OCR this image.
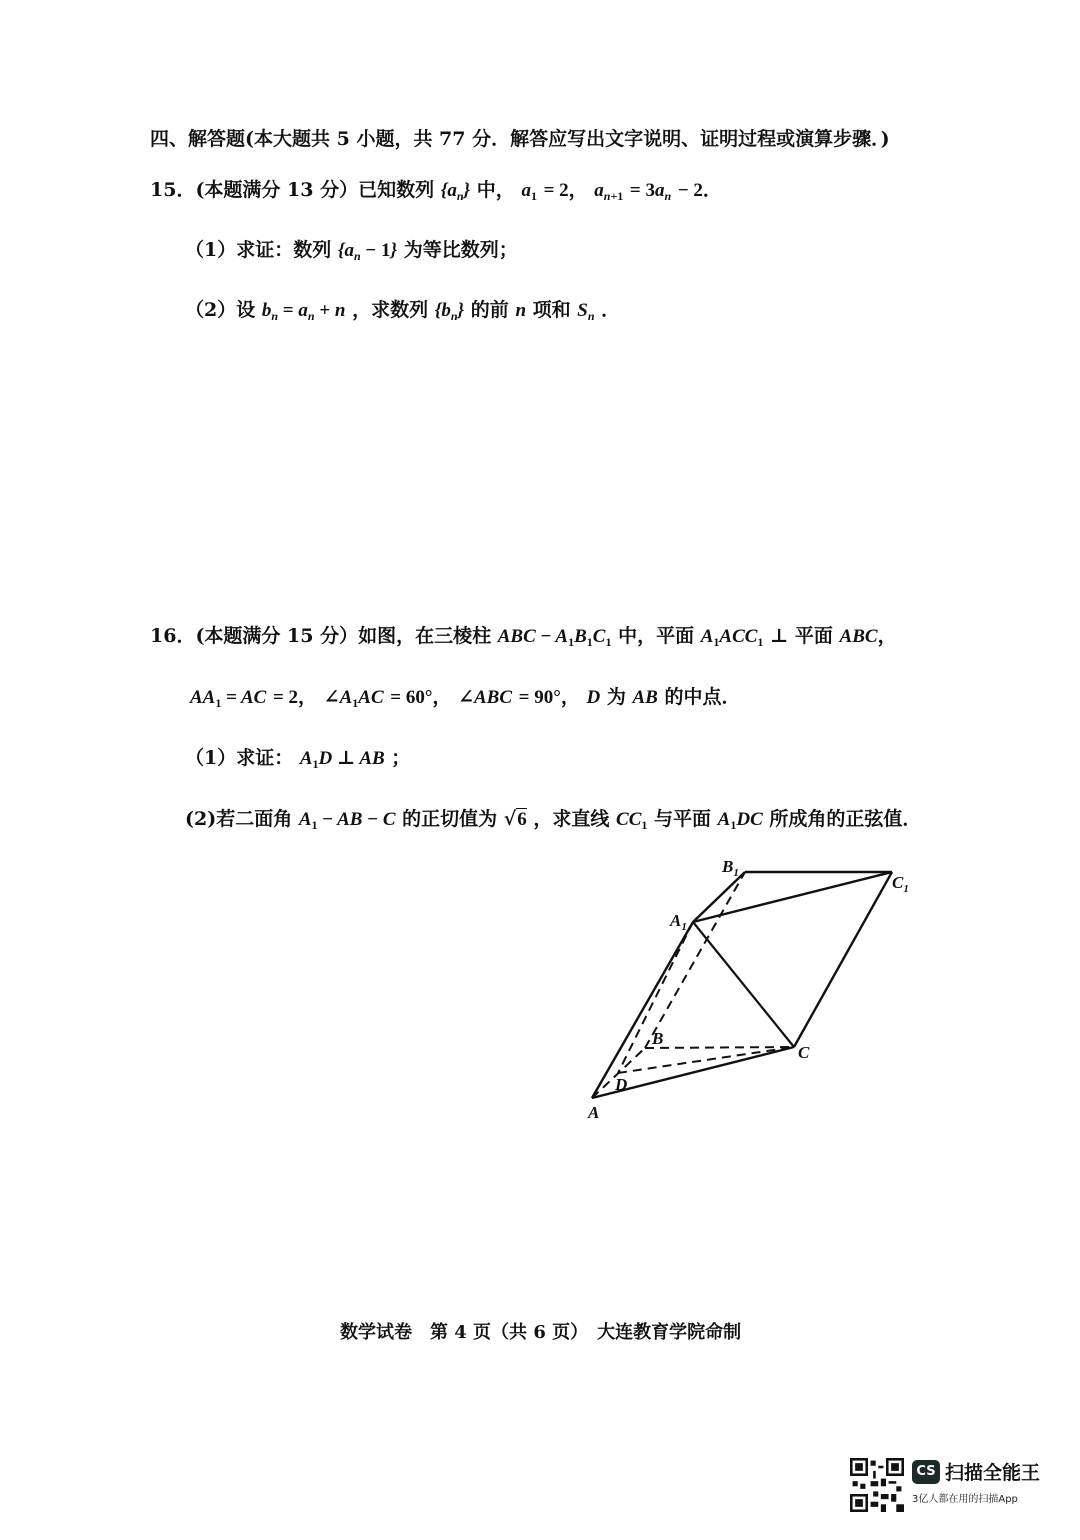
四、解答题(本大题共 5 小题，共 77 分．解答应写出文字说明、证明过程或演算步骤．)
15．(本题满分 13 分）已知数列 $\{a_n\}$ 中， $a_1 = 2$， $a_{n+1} = 3a_n - 2$．
（1）求证：数列 $\{a_n - 1\}$ 为等比数列；
（2）设 $b_n = a_n + n$ ，求数列 $\{b_n\}$ 的前 n 项和 $S_n$ ．
16．(本题满分 15 分）如图，在三棱柱 ABC − $A_1B_1C_1$ 中，平面 $A_1ACC_1$ ⊥ 平面 ABC，
$AA_1$ = AC = 2， $\angle A_1AC = 60^\circ$， ∠ABC = 90°， D 为 AB 的中点．
（1）求证： $A_1D$ ⊥ AB ；
(2)若二面角 $A_1$ − AB − C 的正切值为 √6 ，求直线 $CC_1$ 与平面 $A_1DC$ 所成角的正弦值．
$B_1$	$C_1$
$A_1$
B
C
D
A
数学试卷　第 4 页（共 6 页）　大连教育学院命制
CS 扫描全能王
3亿人都在用的扫描App
